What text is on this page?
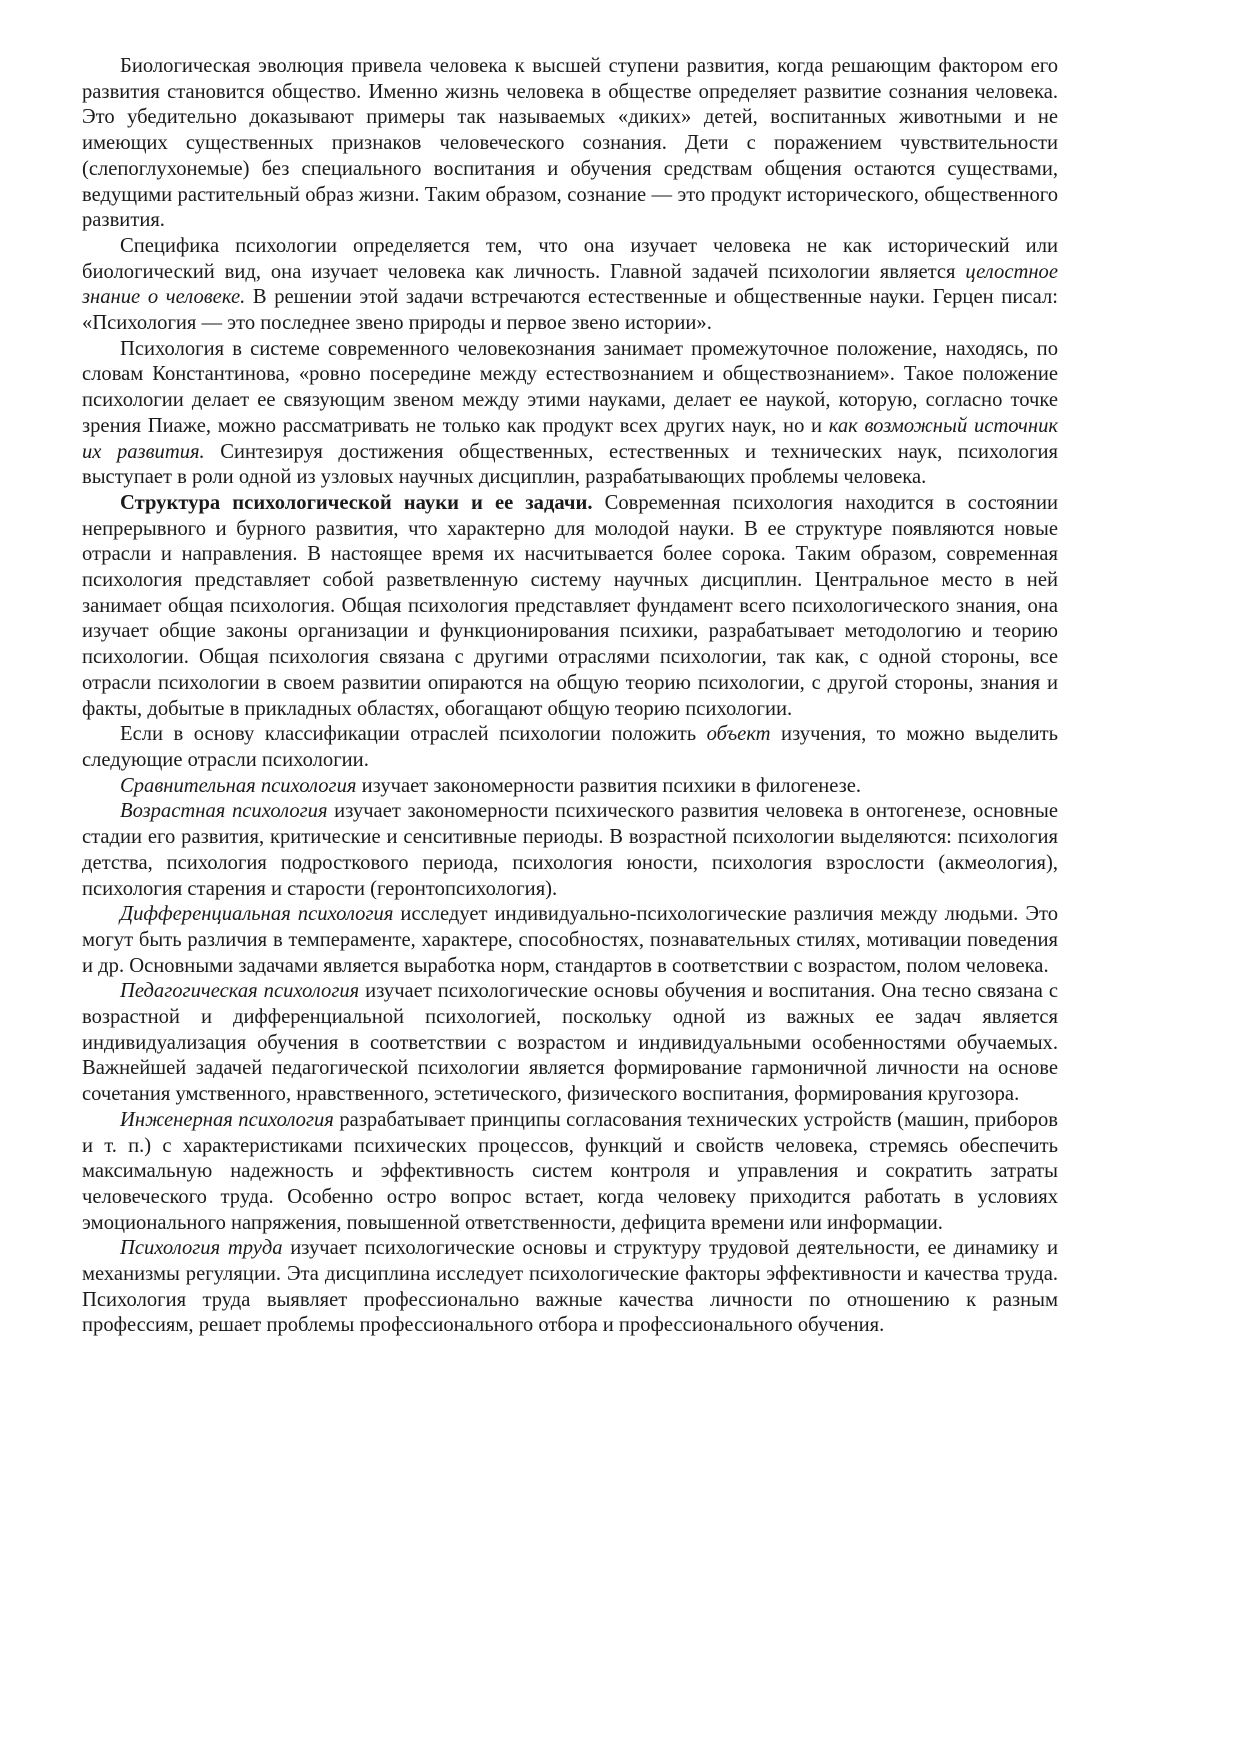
Биологическая эволюция привела человека к высшей ступени развития, когда решающим фактором его развития становится общество. Именно жизнь человека в обществе определяет развитие сознания человека. Это убедительно доказывают примеры так называемых «диких» детей, воспитанных животными и не имеющих существенных признаков человеческого сознания. Дети с поражением чувствительности (слепоглухонемые) без специального воспитания и обучения средствам общения остаются существами, ведущими растительный образ жизни. Таким образом, сознание — это продукт исторического, общественного развития.

Специфика психологии определяется тем, что она изучает человека не как исторический или биологический вид, она изучает человека как личность. Главной задачей психологии является целостное знание о человеке. В решении этой задачи встречаются естественные и общественные науки. Герцен писал: «Психология — это последнее звено природы и первое звено истории».

Психология в системе современного человекознания занимает промежуточное положение, находясь, по словам Константинова, «ровно посередине между естествознанием и обществознанием». Такое положение психологии делает ее связующим звеном между этими науками, делает ее наукой, которую, согласно точке зрения Пиаже, можно рассматривать не только как продукт всех других наук, но и как возможный источник их развития. Синтезируя достижения общественных, естественных и технических наук, психология выступает в роли одной из узловых научных дисциплин, разрабатывающих проблемы человека.

Структура психологической науки и ее задачи. Современная психология находится в состоянии непрерывного и бурного развития, что характерно для молодой науки. В ее структуре появляются новые отрасли и направления. В настоящее время их насчитывается более сорока. Таким образом, современная психология представляет собой разветвленную систему научных дисциплин. Центральное место в ней занимает общая психология. Общая психология представляет фундамент всего психологического знания, она изучает общие законы организации и функционирования психики, разрабатывает методологию и теорию психологии. Общая психология связана с другими отраслями психологии, так как, с одной стороны, все отрасли психологии в своем развитии опираются на общую теорию психологии, с другой стороны, знания и факты, добытые в прикладных областях, обогащают общую теорию психологии.

Если в основу классификации отраслей психологии положить объект изучения, то можно выделить следующие отрасли психологии.

Сравнительная психология изучает закономерности развития психики в филогенезе.

Возрастная психология изучает закономерности психического развития человека в онтогенезе, основные стадии его развития, критические и сенситивные периоды. В возрастной психологии выделяются: психология детства, психология подросткового периода, психология юности, психология взрослости (акмеология), психология старения и старости (геронтопсихология).

Дифференциальная психология исследует индивидуально-психологические различия между людьми. Это могут быть различия в темпераменте, характере, способностях, познавательных стилях, мотивации поведения и др. Основными задачами является выработка норм, стандартов в соответствии с возрастом, полом человека.

Педагогическая психология изучает психологические основы обучения и воспитания. Она тесно связана с возрастной и дифференциальной психологией, поскольку одной из важных ее задач является индивидуализация обучения в соответствии с возрастом и индивидуальными особенностями обучаемых. Важнейшей задачей педагогической психологии является формирование гармоничной личности на основе сочетания умственного, нравственного, эстетического, физического воспитания, формирования кругозора.

Инженерная психология разрабатывает принципы согласования технических устройств (машин, приборов и т. п.) с характеристиками психических процессов, функций и свойств человека, стремясь обеспечить максимальную надежность и эффективность систем контроля и управления и сократить затраты человеческого труда. Особенно остро вопрос встает, когда человеку приходится работать в условиях эмоционального напряжения, повышенной ответственности, дефицита времени или информации.

Психология труда изучает психологические основы и структуру трудовой деятельности, ее динамику и механизмы регуляции. Эта дисциплина исследует психологические факторы эффективности и качества труда. Психология труда выявляет профессионально важные качества личности по отношению к разным профессиям, решает проблемы профессионального отбора и профессионального обучения.
